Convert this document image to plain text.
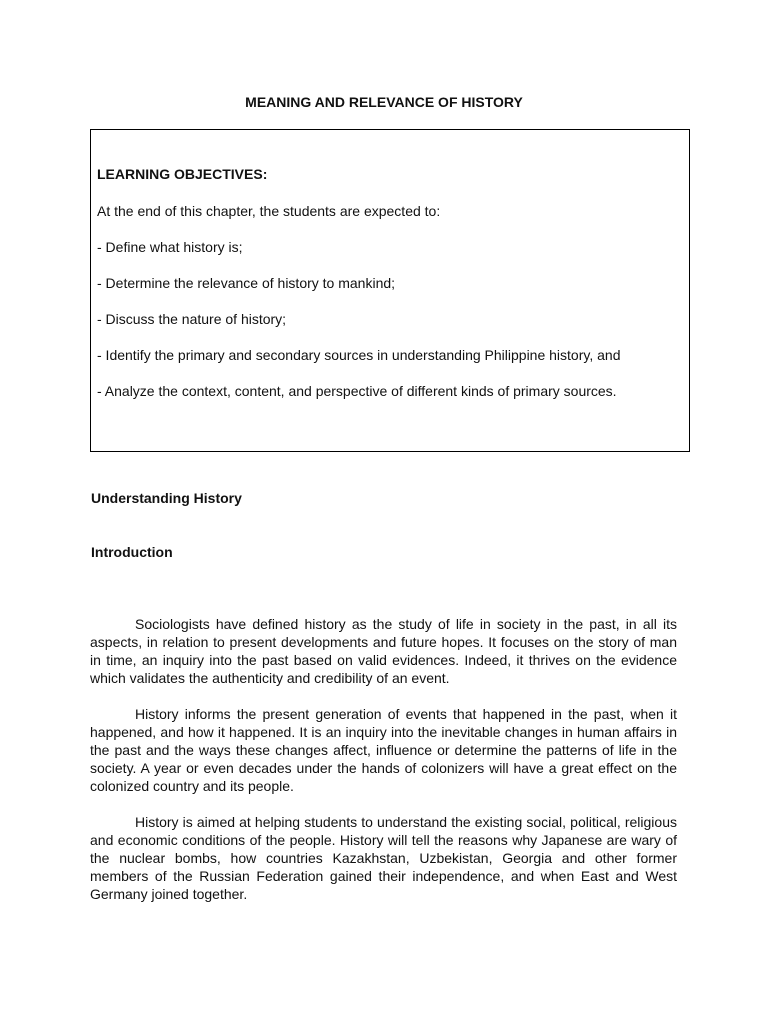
MEANING AND RELEVANCE OF HISTORY
LEARNING OBJECTIVES:
At the end of this chapter, the students are expected to:
- Define what history is;
- Determine the relevance of history to mankind;
- Discuss the nature of history;
- Identify the primary and secondary sources in understanding Philippine history, and
- Analyze the context, content, and perspective of different kinds of primary sources.
Understanding History
Introduction

Sociologists have defined history as the study of life in society in the past, in all its aspects, in relation to present developments and future hopes. It focuses on the story of man in time, an inquiry into the past based on valid evidences. Indeed, it thrives on the evidence which validates the authenticity and credibility of an event.

History informs the present generation of events that happened in the past, when it happened, and how it happened. It is an inquiry into the inevitable changes in human affairs in the past and the ways these changes affect, influence or determine the patterns of life in the society. A year or even decades under the hands of colonizers will have a great effect on the colonized country and its people.

History is aimed at helping students to understand the existing social, political, religious and economic conditions of the people. History will tell the reasons why Japanese are wary of the nuclear bombs, how countries Kazakhstan, Uzbekistan, Georgia and other former members of the Russian Federation gained their independence, and when East and West Germany joined together.
